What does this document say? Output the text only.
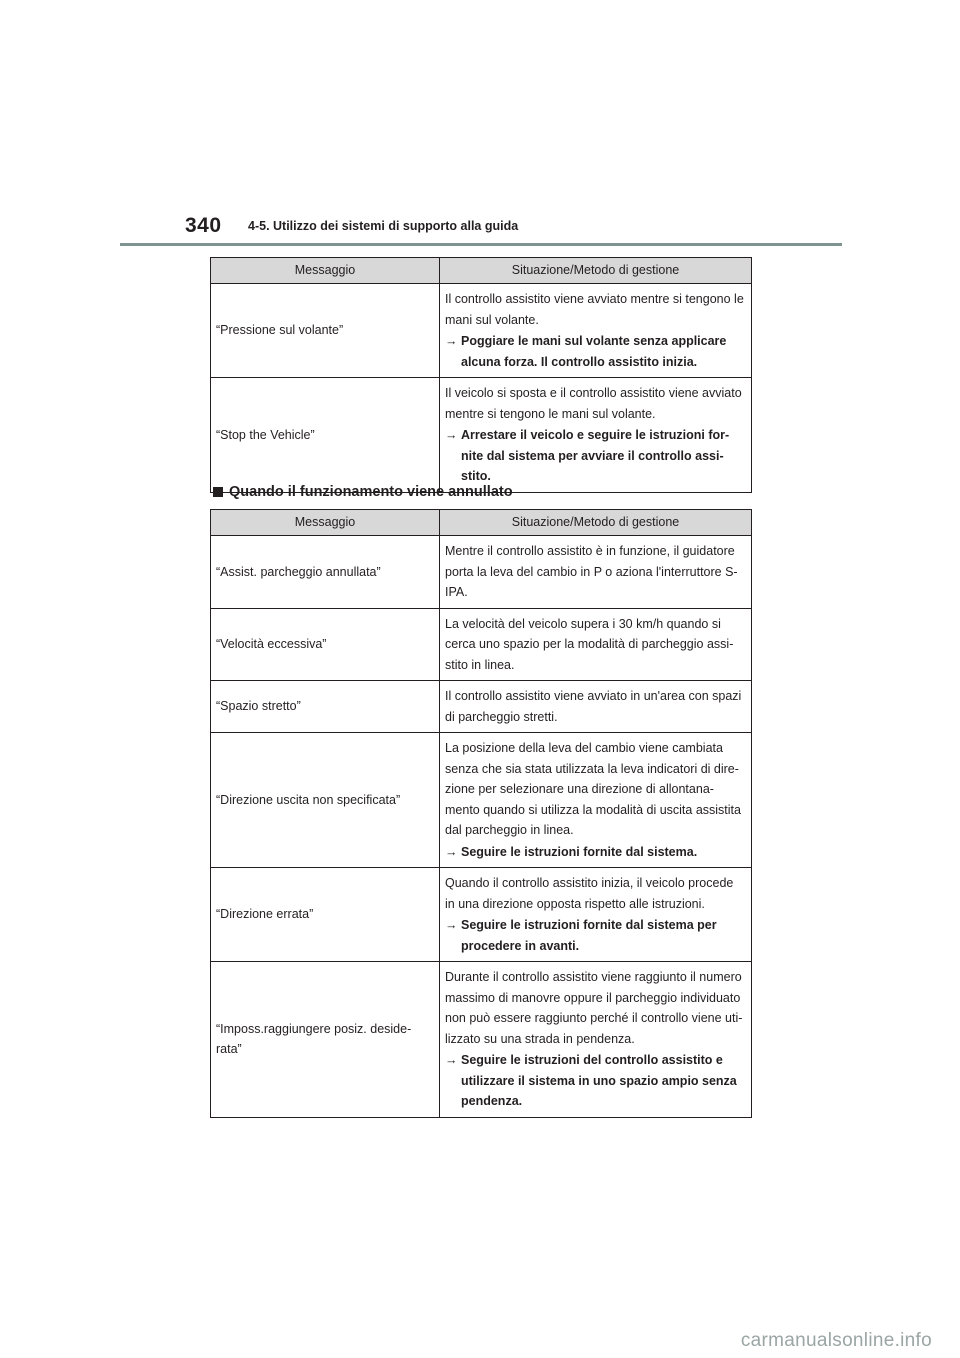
340 4-5. Utilizzo dei sistemi di supporto alla guida
Messaggio	Situazione/Metodo di gestione
“Pressione sul volante”	Il controllo assistito viene avviato mentre si tengono le mani sul volante.
→ Poggiare le mani sul volante senza applicare alcuna forza. Il controllo assistito inizia.

“Stop the Vehicle”	Il veicolo si sposta e il controllo assistito viene avviato mentre si tengono le mani sul volante.
→ Arrestare il veicolo e seguire le istruzioni for-nite dal sistema per avviare il controllo assi-stito.
Quando il funzionamento viene annullato
Messaggio	Situazione/Metodo di gestione
“Assist. parcheggio annullata”	Mentre il controllo assistito è in funzione, il guidatore porta la leva del cambio in P o aziona l'interruttore S-IPA.

“Velocità eccessiva”	La velocità del veicolo supera i 30 km/h quando si cerca uno spazio per la modalità di parcheggio assi-stito in linea.

“Spazio stretto”	Il controllo assistito viene avviato in un'area con spazi di parcheggio stretti.

“Direzione uscita non specificata”	La posizione della leva del cambio viene cambiata senza che sia stata utilizzata la leva indicatori di dire-zione per selezionare una direzione di allontana-mento quando si utilizza la modalità di uscita assistita dal parcheggio in linea.
→ Seguire le istruzioni fornite dal sistema.

“Direzione errata”	Quando il controllo assistito inizia, il veicolo procede in una direzione opposta rispetto alle istruzioni.
→ Seguire le istruzioni fornite dal sistema per procedere in avanti.

“Imposs.raggiungere posiz. deside-rata”	Durante il controllo assistito viene raggiunto il numero massimo di manovre oppure il parcheggio individuato non può essere raggiunto perché il controllo viene uti-lizzato su una strada in pendenza.
→ Seguire le istruzioni del controllo assistito e utilizzare il sistema in uno spazio ampio senza pendenza.
carmanualsonline.info
